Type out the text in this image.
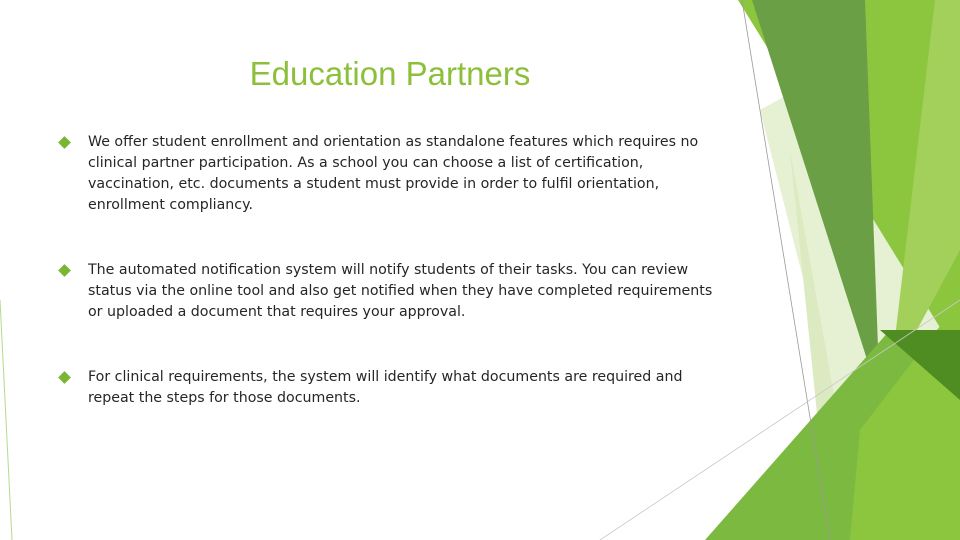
Education Partners
We offer student enrollment and orientation as standalone features which requires no clinical partner participation. As a school you can choose a list of certification, vaccination, etc. documents a student must provide in order to fulfil orientation, enrollment compliancy.
The automated notification system will notify students of their tasks. You can review status via the online tool and also get notified when they have completed requirements or uploaded a document that requires your approval.
For clinical requirements, the system will identify what documents are required and repeat the steps for those documents.
